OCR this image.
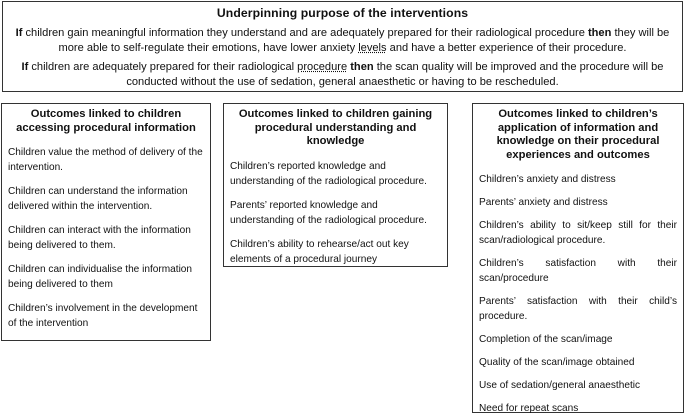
Underpinning purpose of the interventions

If children gain meaningful information they understand and are adequately prepared for their radiological procedure then they will be more able to self-regulate their emotions, have lower anxiety levels and have a better experience of their procedure.

If children are adequately prepared for their radiological procedure then the scan quality will be improved and the procedure will be conducted without the use of sedation, general anaesthetic or having to be rescheduled.

Outcomes linked to children accessing procedural information
Children value the method of delivery of the intervention.
Children can understand the information delivered within the intervention.
Children can interact with the information being delivered to them.
Children can individualise the information being delivered to them
Children’s involvement in the development of the intervention
Outcomes linked to children gaining procedural understanding and knowledge
Children’s reported knowledge and understanding of the radiological procedure.
Parents’ reported knowledge and understanding of the radiological procedure.
Children’s ability to rehearse/act out key elements of a procedural journey
Outcomes linked to children’s application of information and knowledge on their procedural experiences and outcomes
Children’s anxiety and distress
Parents’ anxiety and distress
Children’s ability to sit/keep still for their scan/radiological procedure.
Children’s satisfaction with their scan/procedure
Parents’ satisfaction with their child’s procedure.
Completion of the scan/image
Quality of the scan/image obtained
Use of sedation/general anaesthetic
Need for repeat scans
